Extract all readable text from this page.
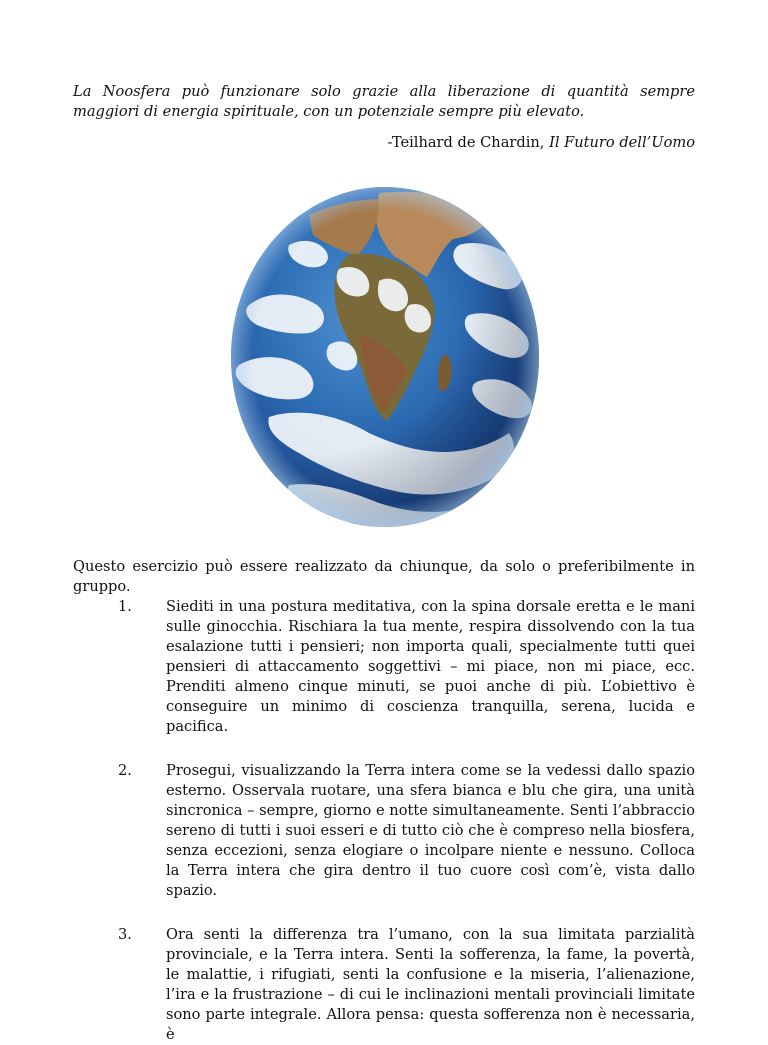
La Noosfera può funzionare solo grazie alla liberazione di quantità sempre maggiori di energia spirituale, con un potenziale sempre più elevato.

-Teilhard de Chardin, Il Futuro dell’Uomo

Questo esercizio può essere realizzato da chiunque, da solo o preferibilmente in gruppo.

1. Siediti in una postura meditativa, con la spina dorsale eretta e le mani sulle ginocchia. Rischiara la tua mente, respira dissolvendo con la tua esalazione tutti i pensieri; non importa quali, specialmente tutti quei pensieri di attaccamento soggettivi – mi piace, non mi piace, ecc. Prenditi almeno cinque minuti, se puoi anche di più. L’obiettivo è conseguire un minimo di coscienza tranquilla, serena, lucida e pacifica.
2. Prosegui, visualizzando la Terra intera come se la vedessi dallo spazio esterno. Osservala ruotare, una sfera bianca e blu che gira, una unità sincronica – sempre, giorno e notte simultaneamente. Senti l’abbraccio sereno di tutti i suoi esseri e di tutto ciò che è compreso nella biosfera, senza eccezioni, senza elogiare o incolpare niente e nessuno. Colloca la Terra intera che gira dentro il tuo cuore così com’è, vista dallo spazio.
3. Ora senti la differenza tra l’umano, con la sua limitata parzialità provinciale, e la Terra intera. Senti la sofferenza, la fame, la povertà, le malattie, i rifugiati, senti la confusione e la miseria, l’alienazione, l’ira e la frustrazione – di cui le inclinazioni mentali provinciali limitate sono parte integrale. Allora pensa: questa sofferenza non è necessaria, è
